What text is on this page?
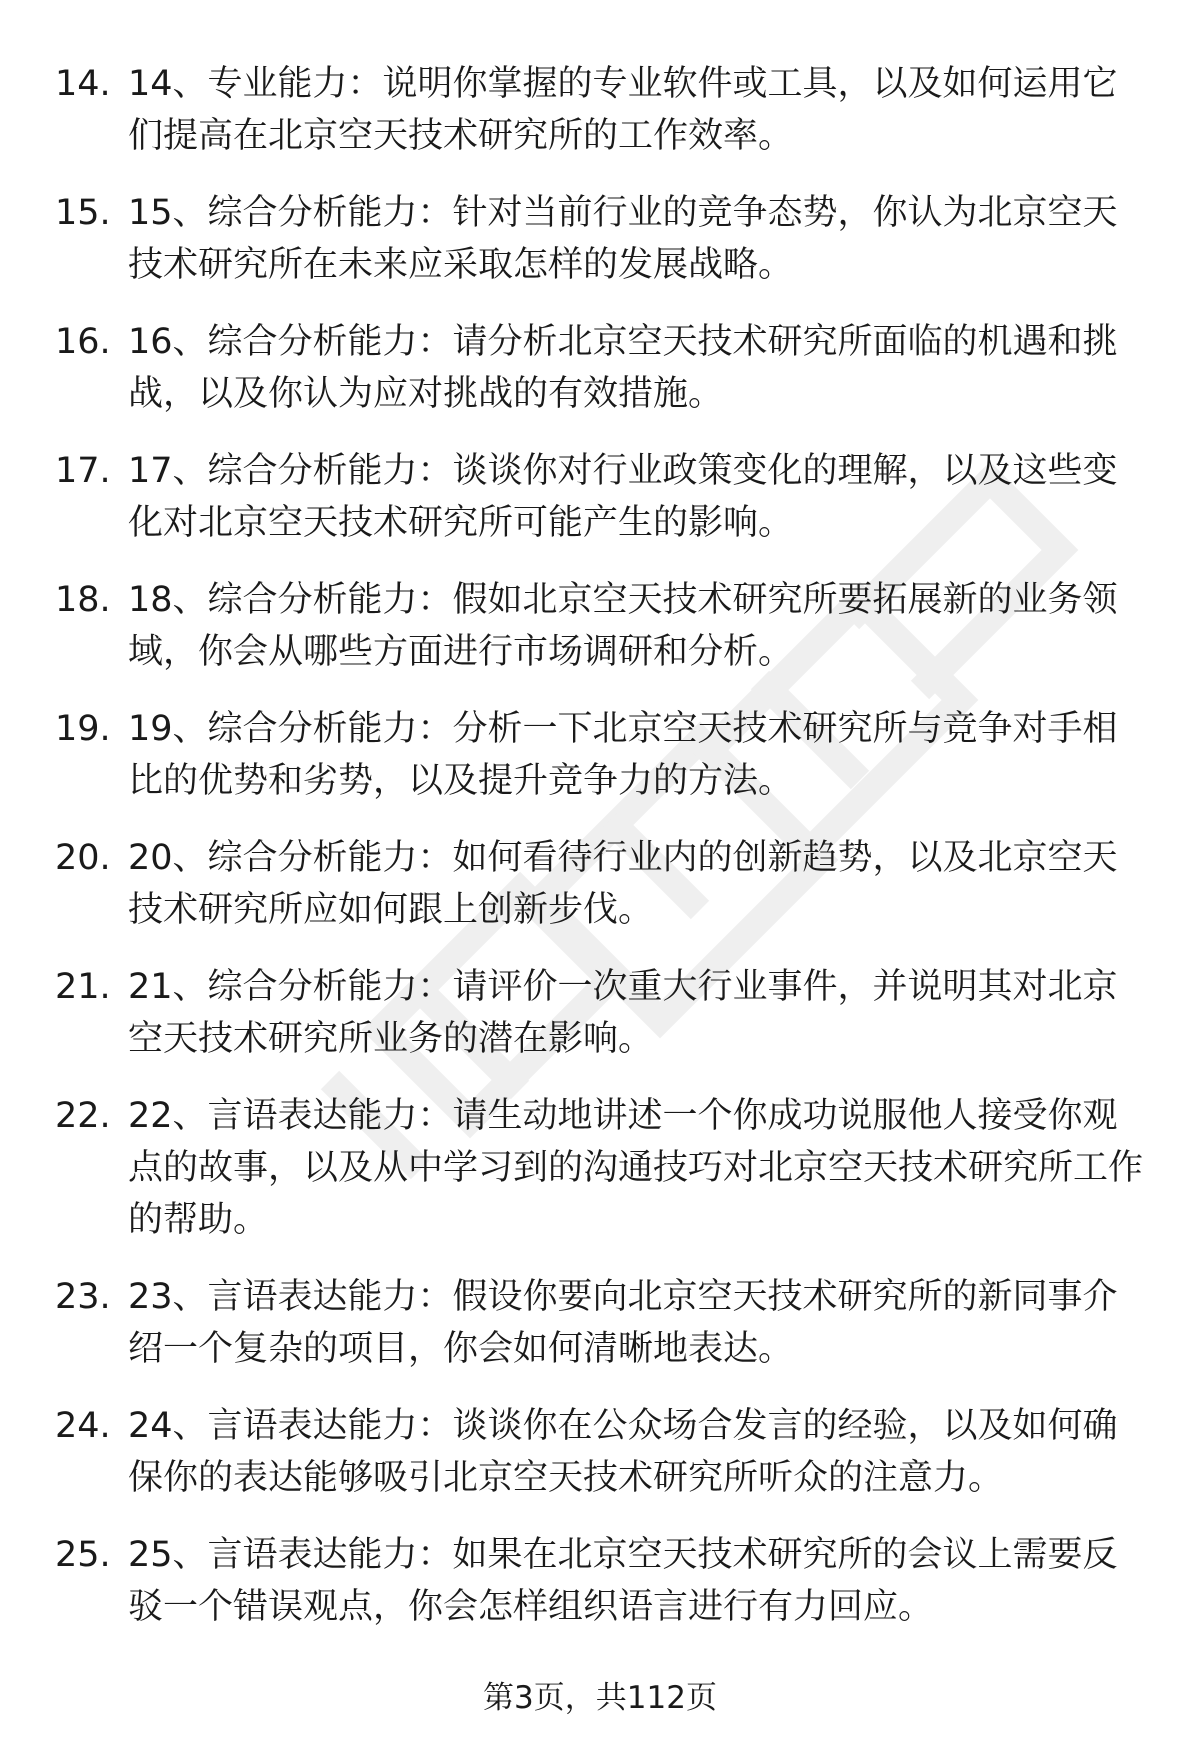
14. 14、专业能力：说明你掌握的专业软件或工具，以及如何运用它们提高在北京空天技术研究所的工作效率。
15. 15、综合分析能力：针对当前行业的竞争态势，你认为北京空天技术研究所在未来应采取怎样的发展战略。
16. 16、综合分析能力：请分析北京空天技术研究所面临的机遇和挑战，以及你认为应对挑战的有效措施。
17. 17、综合分析能力：谈谈你对行业政策变化的理解，以及这些变化对北京空天技术研究所可能产生的影响。
18. 18、综合分析能力：假如北京空天技术研究所要拓展新的业务领域，你会从哪些方面进行市场调研和分析。
19. 19、综合分析能力：分析一下北京空天技术研究所与竞争对手相比的优势和劣势，以及提升竞争力的方法。
20. 20、综合分析能力：如何看待行业内的创新趋势，以及北京空天技术研究所应如何跟上创新步伐。
21. 21、综合分析能力：请评价一次重大行业事件，并说明其对北京空天技术研究所业务的潜在影响。
22. 22、言语表达能力：请生动地讲述一个你成功说服他人接受你观点的故事，以及从中学习到的沟通技巧对北京空天技术研究所工作的帮助。
23. 23、言语表达能力：假设你要向北京空天技术研究所的新同事介绍一个复杂的项目，你会如何清晰地表达。
24. 24、言语表达能力：谈谈你在公众场合发言的经验，以及如何确保你的表达能够吸引北京空天技术研究所听众的注意力。
25. 25、言语表达能力：如果在北京空天技术研究所的会议上需要反驳一个错误观点，你会怎样组织语言进行有力回应。
第3页，共112页
